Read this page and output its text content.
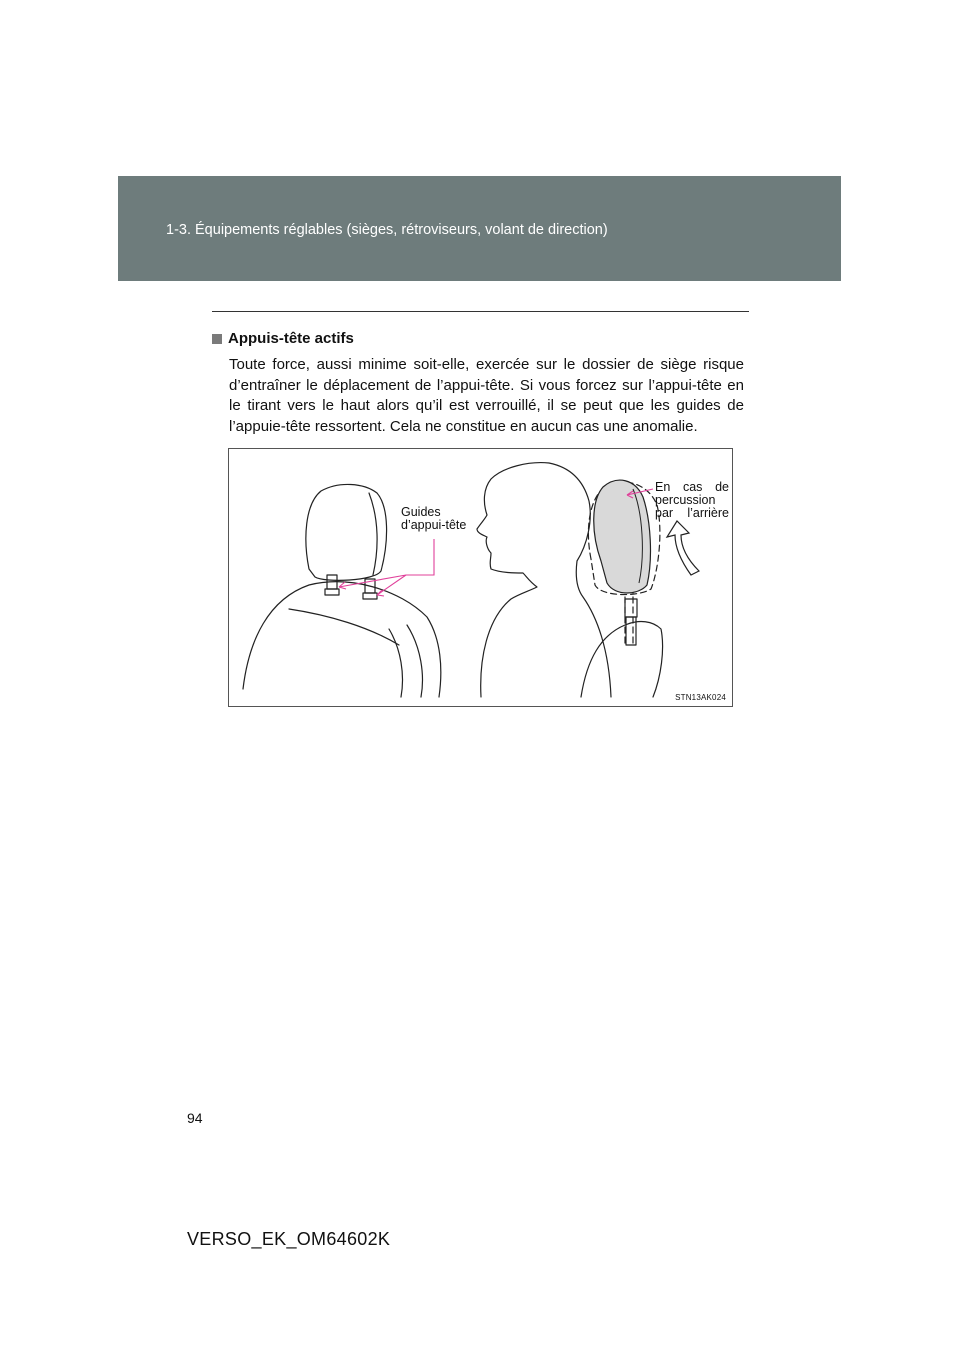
1-3. Équipements réglables (sièges, rétroviseurs, volant de direction)
Appuis-tête actifs

Toute force, aussi minime soit-elle, exercée sur le dossier de siège risque d’entraîner le déplacement de l’appui-tête. Si vous forcez sur l’appui-tête en le tirant vers le haut alors qu’il est verrouillé, il se peut que les guides de l’appuie-tête ressortent. Cela ne constitue en aucun cas une anomalie.

Guides
d’appui-tête
En cas de
percussion
par l’arrière
STN13AK024
94
VERSO_EK_OM64602K
